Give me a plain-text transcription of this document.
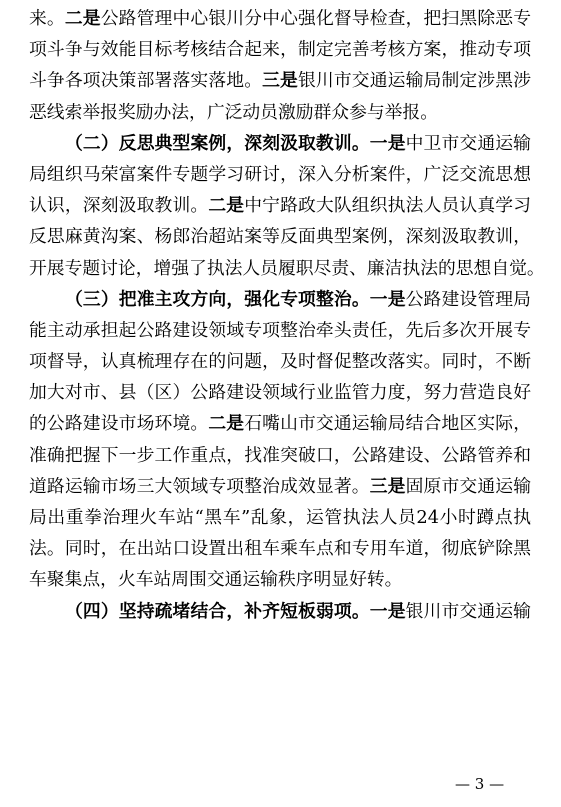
来。二是公路管理中心银川分中心强化督导检查，把扫黑除恶专
项斗争与效能目标考核结合起来，制定完善考核方案，推动专项
斗争各项决策部署落实落地。三是银川市交通运输局制定涉黑涉
恶线索举报奖励办法，广泛动员激励群众参与举报。
（二）反思典型案例，深刻汲取教训。一是中卫市交通运输
局组织马荣富案件专题学习研讨，深入分析案件，广泛交流思想
认识，深刻汲取教训。二是中宁路政大队组织执法人员认真学习
反思麻黄沟案、杨郎治超站案等反面典型案例，深刻汲取教训，
开展专题讨论，增强了执法人员履职尽责、廉洁执法的思想自觉。
（三）把准主攻方向，强化专项整治。一是公路建设管理局
能主动承担起公路建设领域专项整治牵头责任，先后多次开展专
项督导，认真梳理存在的问题，及时督促整改落实。同时，不断
加大对市、县（区）公路建设领域行业监管力度，努力营造良好
的公路建设市场环境。二是石嘴山市交通运输局结合地区实际，
准确把握下一步工作重点，找准突破口，公路建设、公路管养和
道路运输市场三大领域专项整治成效显著。三是固原市交通运输
局出重拳治理火车站“黑车”乱象，运管执法人员24小时蹲点执
法。同时，在出站口设置出租车乘车点和专用车道，彻底铲除黑
车聚集点，火车站周围交通运输秩序明显好转。
（四）坚持疏堵结合，补齐短板弱项。一是银川市交通运输
— 3 —
